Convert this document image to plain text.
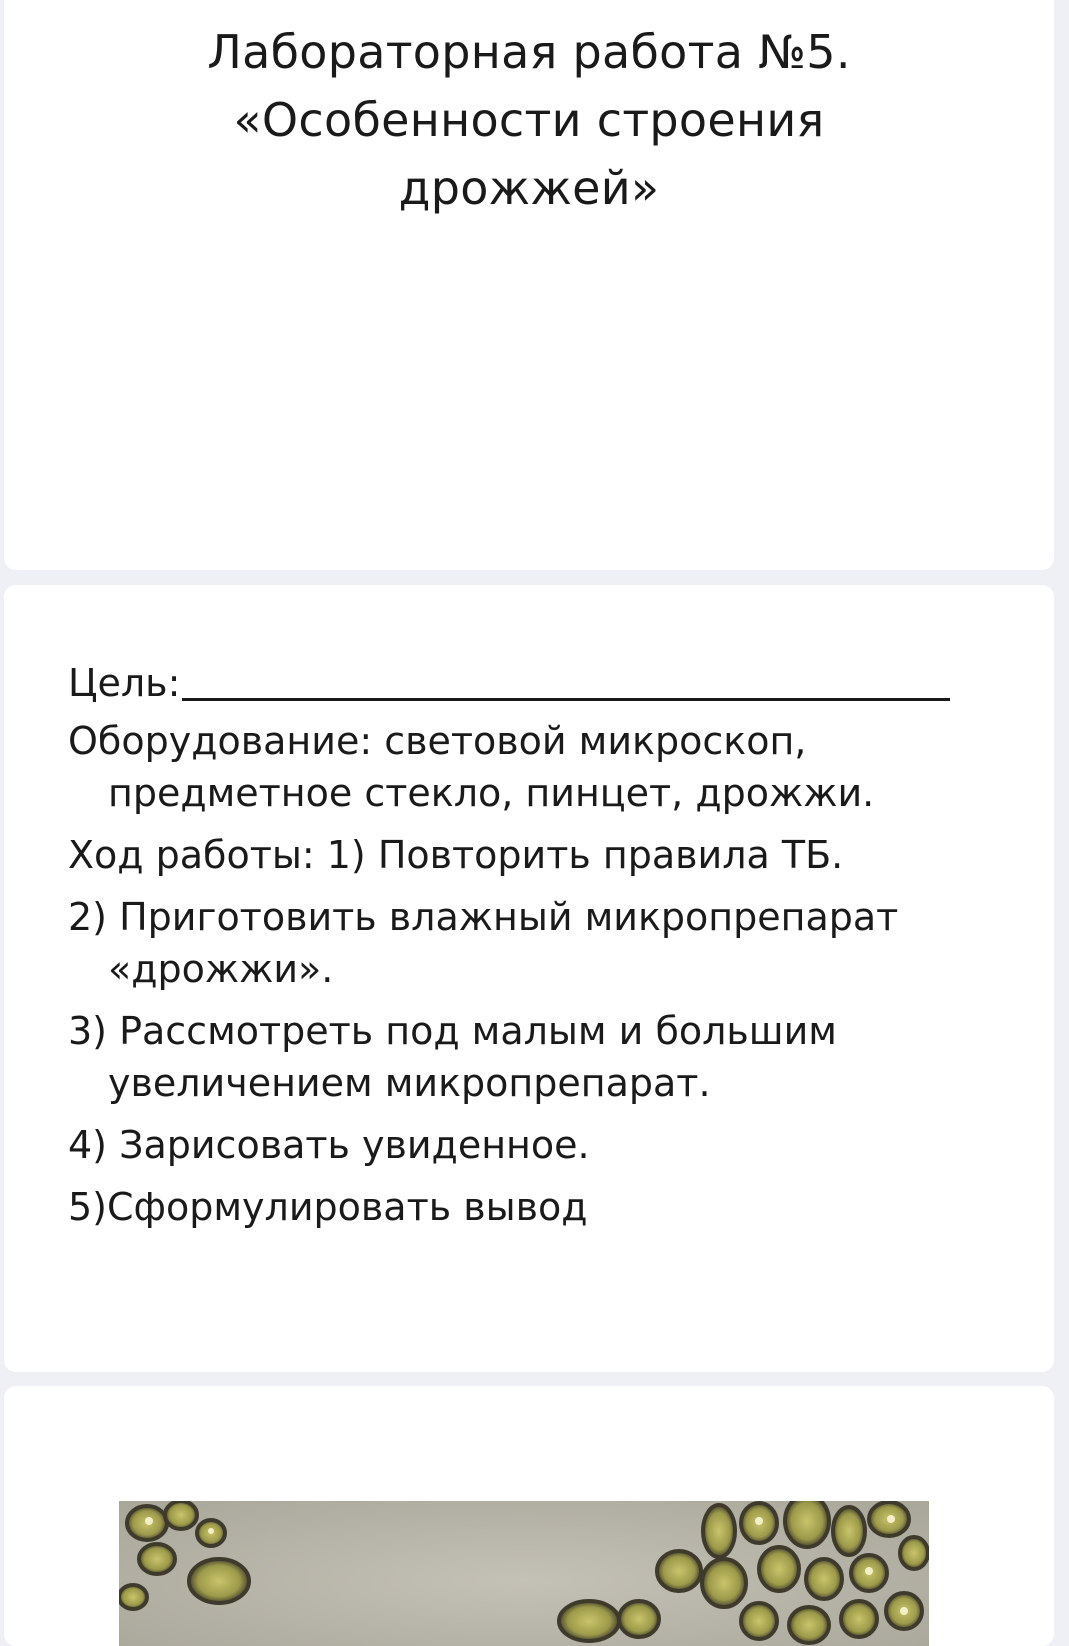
Лабораторная работа №5.
«Особенности строения
дрожжей»
Цель:
Оборудование: световой микроскоп,
предметное стекло, пинцет, дрожжи.
Ход работы: 1) Повторить правила ТБ.
2) Приготовить влажный микропрепарат
«дрожжи».
3) Рассмотреть под малым и большим
увеличением микропрепарат.
4) Зарисовать увиденное.
5)Сформулировать вывод
